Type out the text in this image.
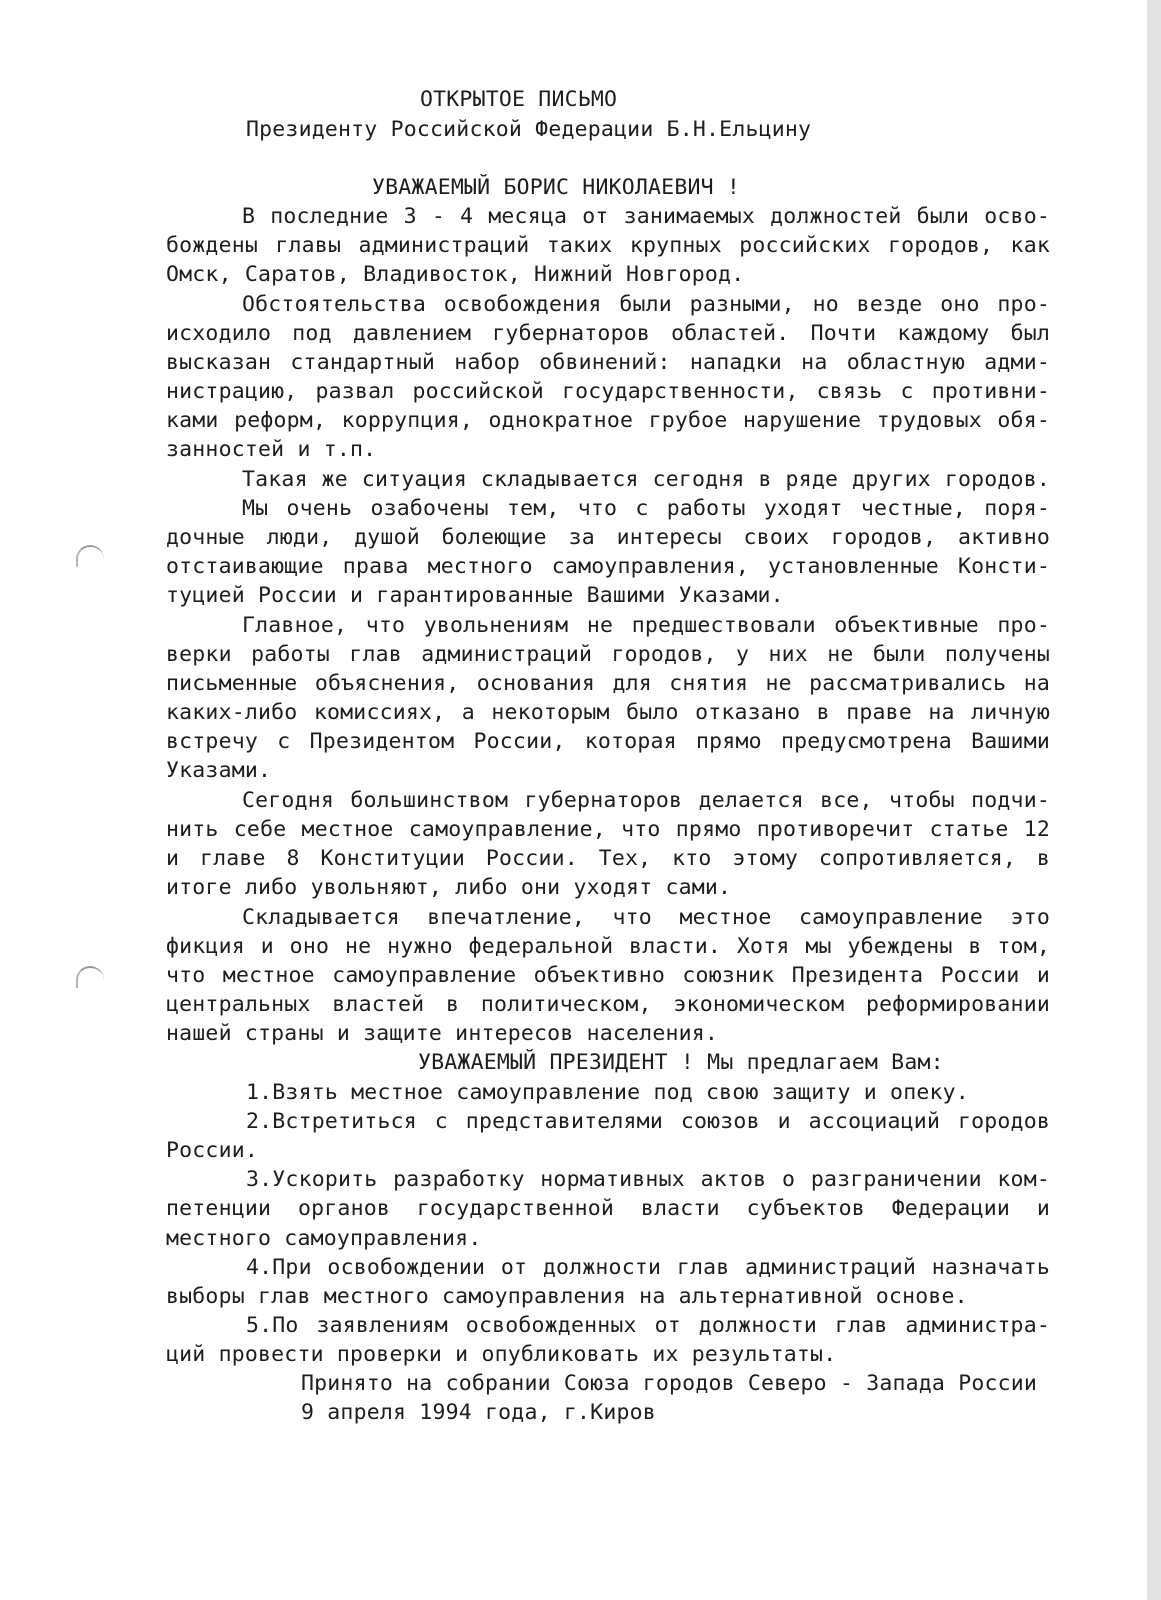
ОТКРЫТОЕ ПИСЬМО
Президенту Российской Федерации Б.Н.Ельцину
УВАЖАЕМЫЙ БОРИС НИКОЛАЕВИЧ !
В последние 3 - 4 месяца от занимаемых должностей были осво-
бождены главы администраций таких крупных российских городов, как
Омск, Саратов, Владивосток, Нижний Новгород.
Обстоятельства освобождения были разными, но везде оно про-
исходило под давлением губернаторов областей. Почти каждому был
высказан стандартный набор обвинений: нападки на областную адми-
нистрацию, развал российской государственности, связь с противни-
ками реформ, коррупция, однократное грубое нарушение трудовых обя-
занностей и т.п.
Такая же ситуация складывается сегодня в ряде других городов.
Мы очень озабочены тем, что с работы уходят честные, поря-
дочные люди, душой болеющие за интересы своих городов, активно
отстаивающие права местного самоуправления, установленные Консти-
туцией России и гарантированные Вашими Указами.
Главное, что увольнениям не предшествовали объективные про-
верки работы глав администраций городов, у них не были получены
письменные объяснения, основания для снятия не рассматривались на
каких-либо комиссиях, а некоторым было отказано в праве на личную
встречу с Президентом России, которая прямо предусмотрена Вашими
Указами.
Сегодня большинством губернаторов делается все, чтобы подчи-
нить себе местное самоуправление, что прямо противоречит статье 12
и главе 8 Конституции России. Тех, кто этому сопротивляется, в
итоге либо увольняют, либо они уходят сами.
Складывается впечатление, что местное самоуправление это
фикция и оно не нужно федеральной власти. Хотя мы убеждены в том,
что местное самоуправление объективно союзник Президента России и
центральных властей в политическом, экономическом реформировании
нашей страны и защите интересов населения.
УВАЖАЕМЫЙ ПРЕЗИДЕНТ ! Мы предлагаем Вам:
1.Взять местное самоуправление под свою защиту и опеку.
2.Встретиться с представителями союзов и ассоциаций городов
России.
3.Ускорить разработку нормативных актов о разграничении ком-
петенции органов государственной власти субъектов Федерации и
местного самоуправления.
4.При освобождении от должности глав администраций назначать
выборы глав местного самоуправления на альтернативной основе.
5.По заявлениям освобожденных от должности глав администра-
ций провести проверки и опубликовать их результаты.
Принято на собрании Союза городов Северо - Запада России
9 апреля 1994 года, г.Киров
